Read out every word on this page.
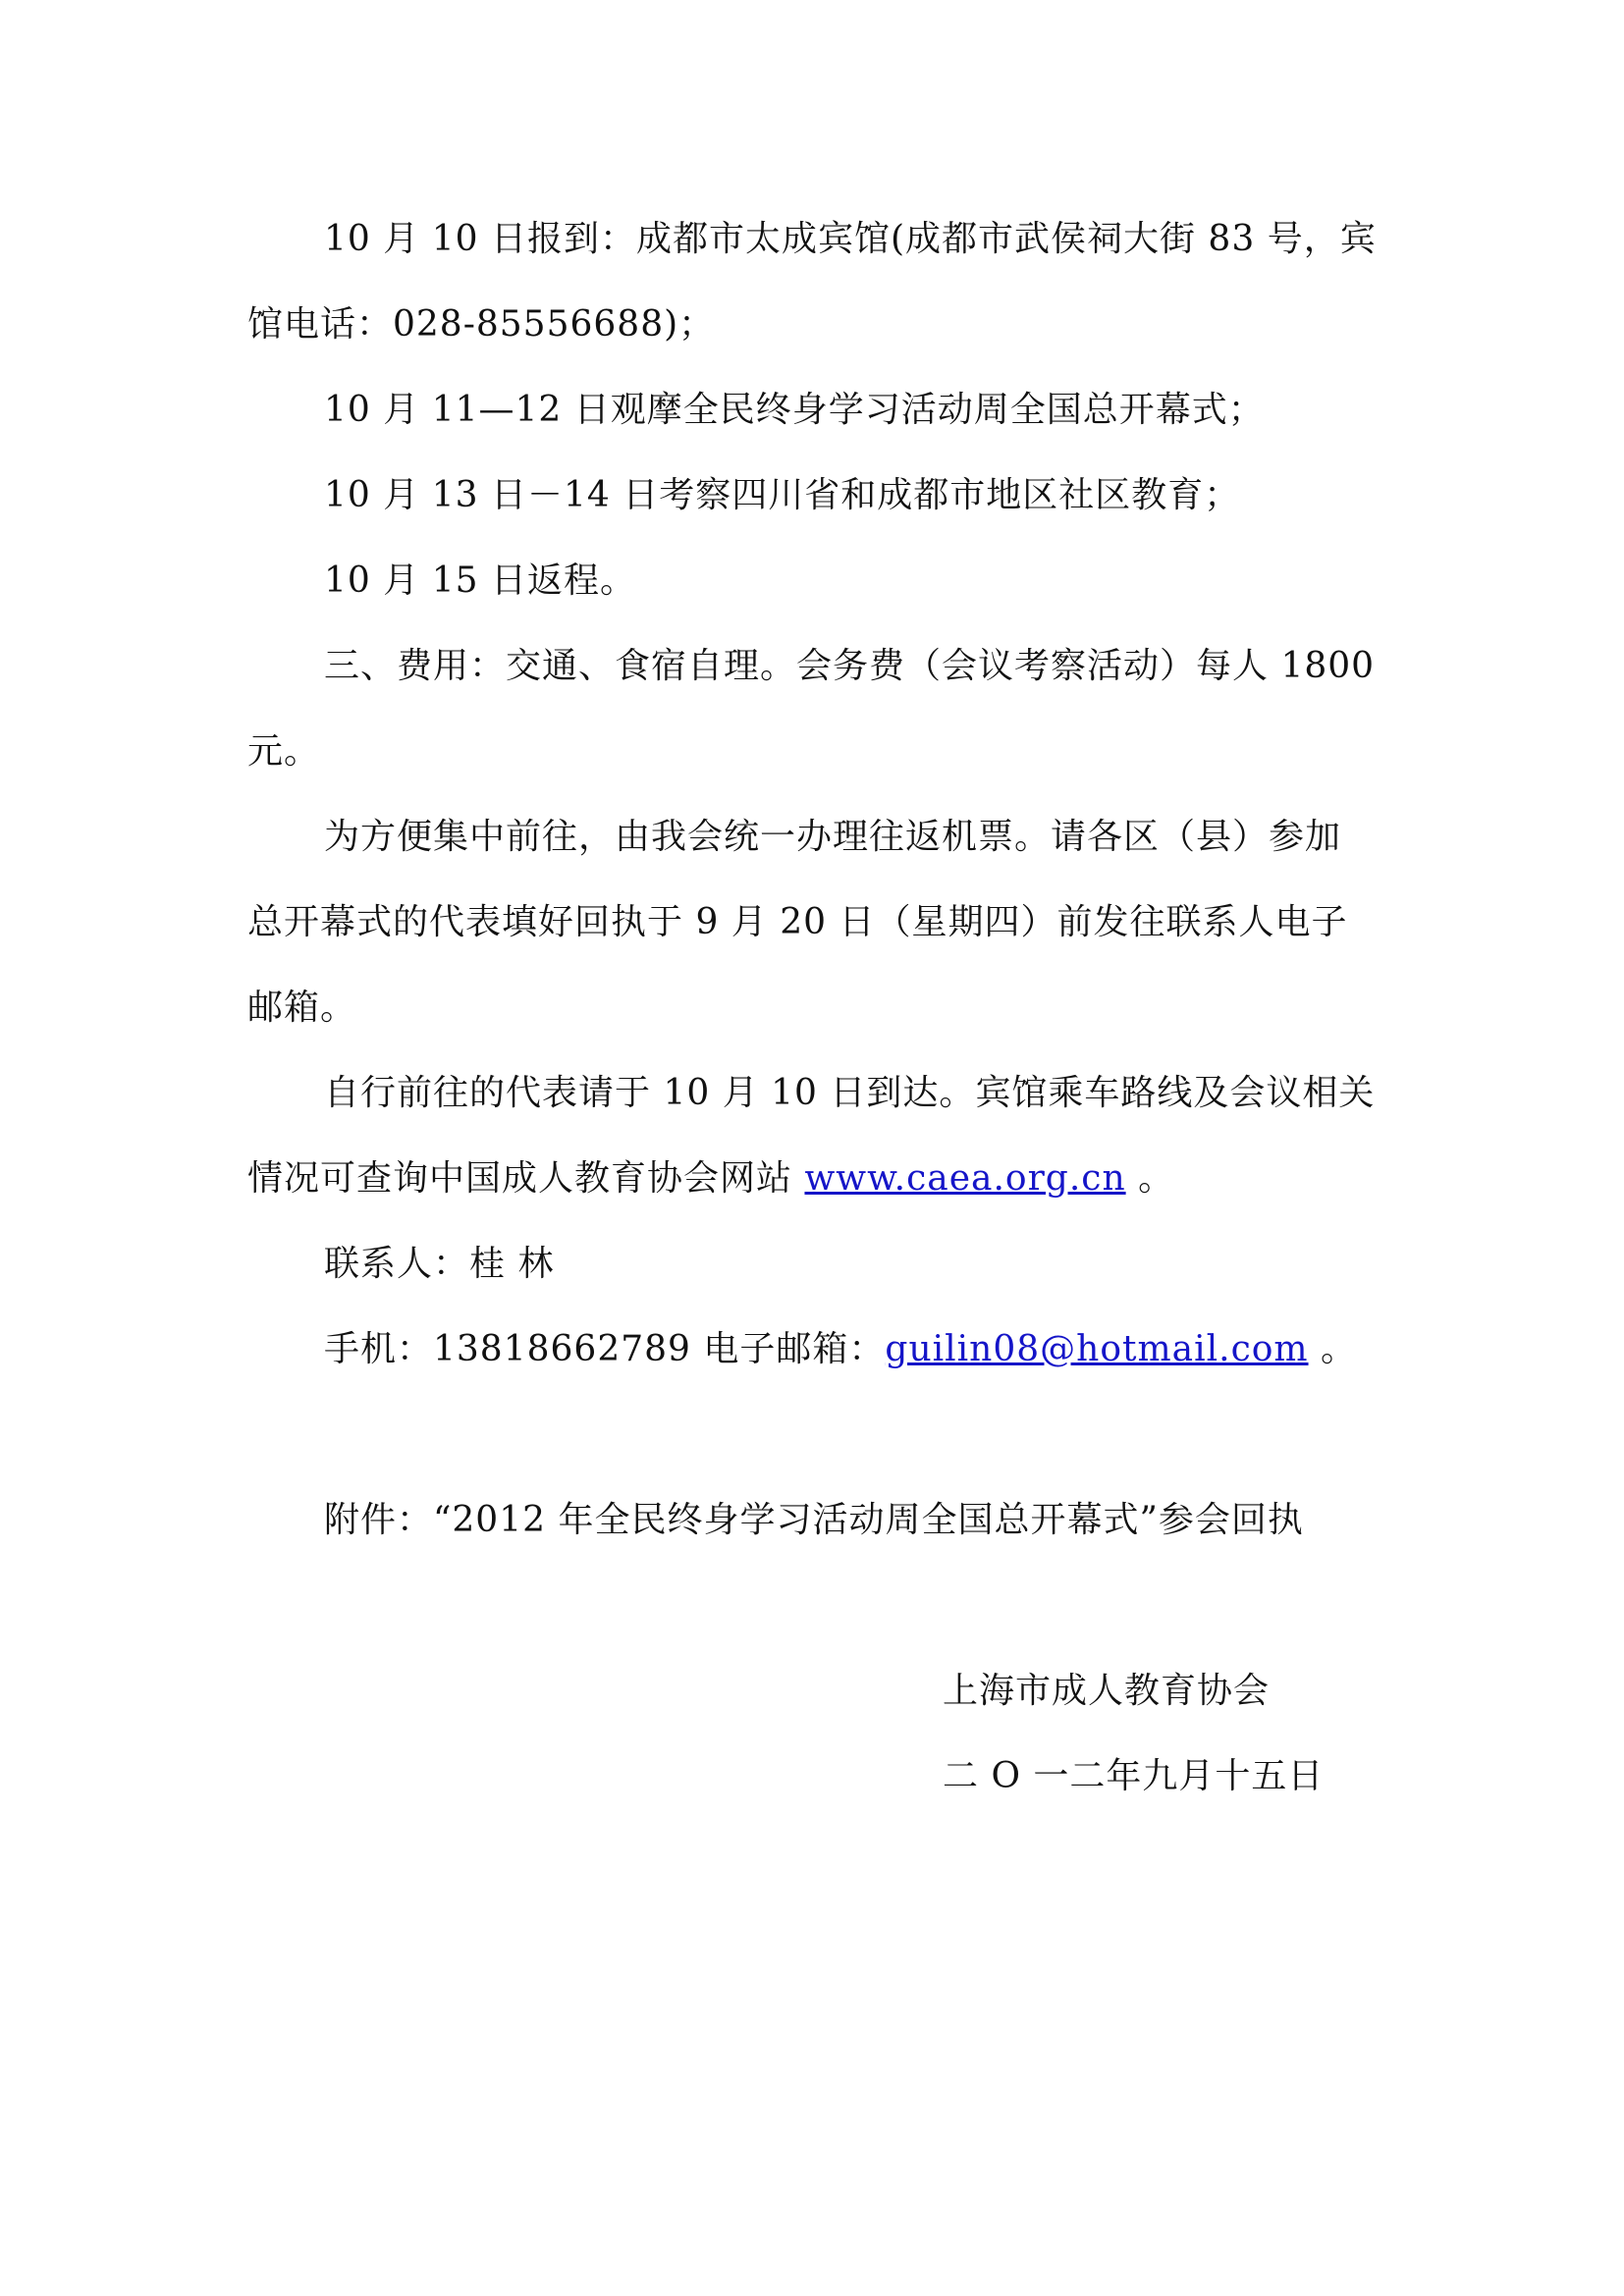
10 月 10 日报到：成都市太成宾馆(成都市武侯祠大街 83 号，宾
馆电话：028-85556688)；
10 月 11—12 日观摩全民终身学习活动周全国总开幕式；
10 月 13 日－14 日考察四川省和成都市地区社区教育；
10 月 15 日返程。
三、费用：交通、食宿自理。会务费（会议考察活动）每人 1800
元。
为方便集中前往，由我会统一办理往返机票。请各区（县）参加
总开幕式的代表填好回执于 9 月 20 日（星期四）前发往联系人电子
邮箱。
自行前往的代表请于 10 月 10 日到达。宾馆乘车路线及会议相关
情况可查询中国成人教育协会网站 www.caea.org.cn 。
联系人：桂 林
手机：13818662789 电子邮箱：guilin08@hotmail.com 。
附件：“2012 年全民终身学习活动周全国总开幕式”参会回执
上海市成人教育协会
二 O 一二年九月十五日
